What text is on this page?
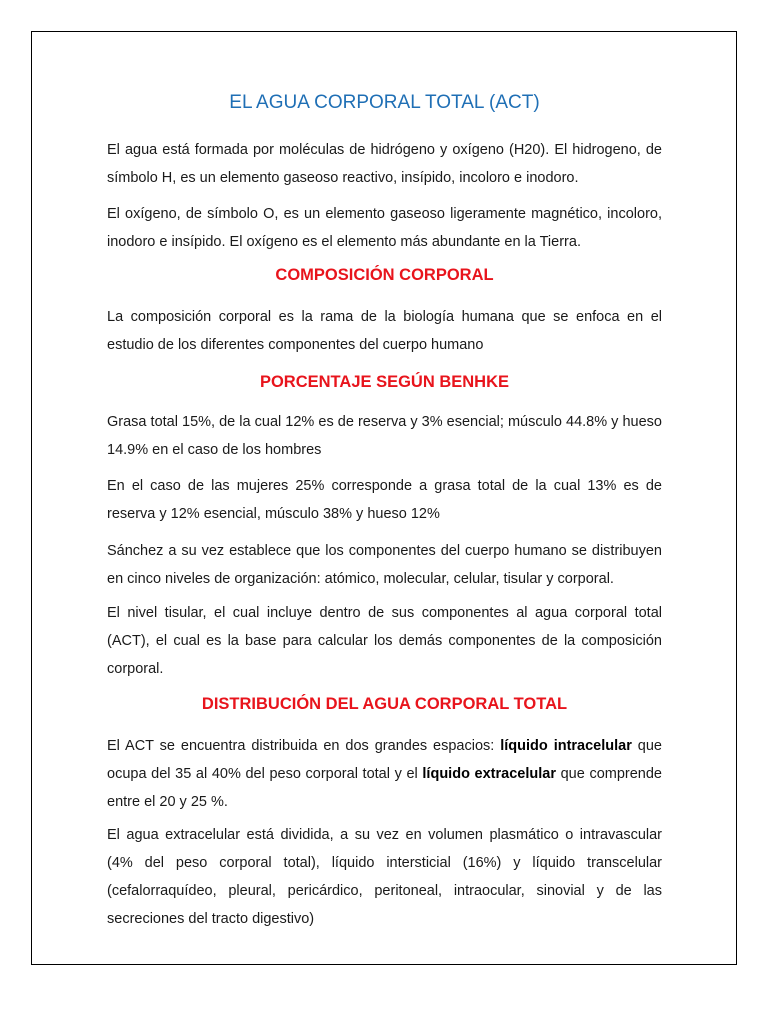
EL AGUA CORPORAL TOTAL (ACT)

El agua está formada por moléculas de hidrógeno y oxígeno (H20). El hidrogeno, de símbolo H, es un elemento gaseoso reactivo, insípido, incoloro e inodoro.

El oxígeno, de símbolo O, es un elemento gaseoso ligeramente magnético, incoloro, inodoro e insípido. El oxígeno es el elemento más abundante en la Tierra.

COMPOSICIÓN CORPORAL

La composición corporal es la rama de la biología humana que se enfoca en el estudio de los diferentes componentes del cuerpo humano

PORCENTAJE SEGÚN BENHKE

Grasa total 15%, de la cual 12% es de reserva y 3% esencial; músculo 44.8% y hueso 14.9% en el caso de los hombres

En el caso de las mujeres 25% corresponde a grasa total de la cual 13% es de reserva y 12% esencial, músculo 38% y hueso 12%

Sánchez a su vez establece que los componentes del cuerpo humano se distribuyen en cinco niveles de organización: atómico, molecular, celular, tisular y corporal.

El nivel tisular, el cual incluye dentro de sus componentes al agua corporal total (ACT), el cual es la base para calcular los demás componentes de la composición corporal.

DISTRIBUCIÓN DEL AGUA CORPORAL TOTAL

El ACT se encuentra distribuida en dos grandes espacios: líquido intracelular que ocupa del 35 al 40% del peso corporal total y el líquido extracelular que comprende entre el 20 y 25 %.

El agua extracelular está dividida, a su vez en volumen plasmático o intravascular (4% del peso corporal total), líquido intersticial (16%) y líquido transcelular (cefalorraquídeo, pleural, pericárdico, peritoneal, intraocular, sinovial y de las secreciones del tracto digestivo)
